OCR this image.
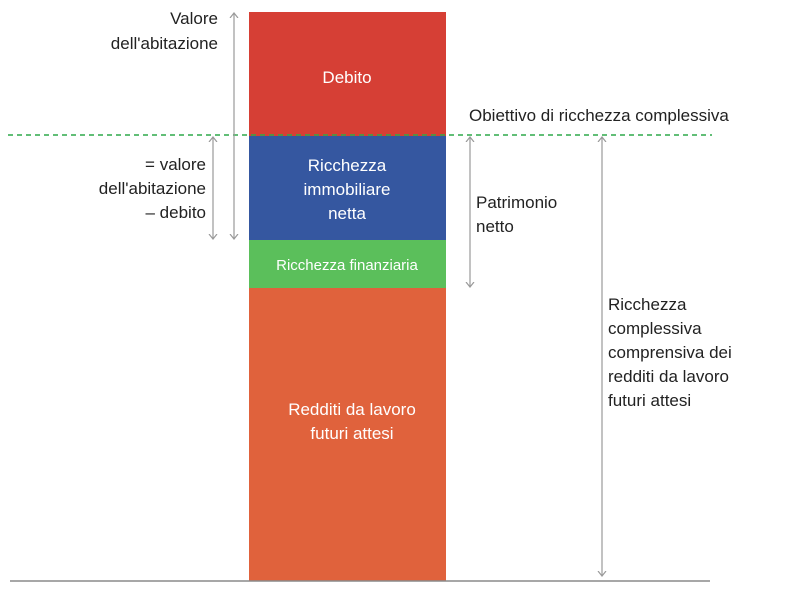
Debito
Ricchezza
immobiliare
netta
Ricchezza finanziaria
Redditi da lavoro
futuri attesi
Valore
dell'abitazione
= valore
dell'abitazione
– debito
Obiettivo di ricchezza complessiva
Patrimonio
netto
Ricchezza
complessiva
comprensiva dei
redditi da lavoro
futuri attesi
